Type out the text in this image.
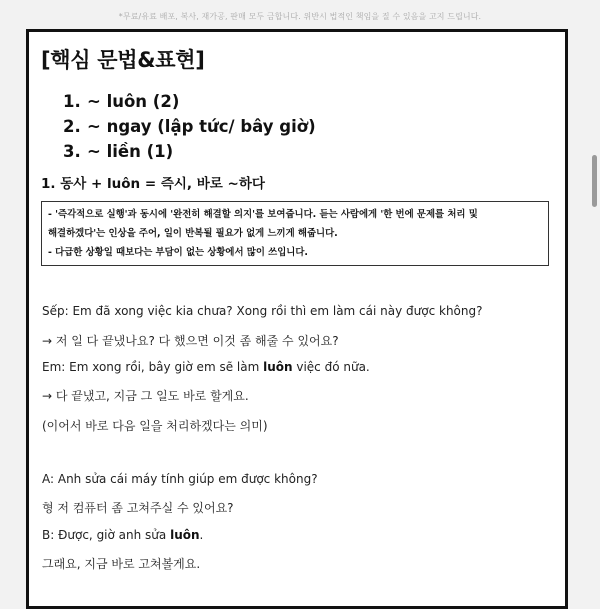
*무료/유료 배포, 복사, 재가공, 판매 모두 금합니다. 위반시 법적인 책임을 질 수 있음을 고지 드립니다.
[핵심 문법&표현]
1. ~ luôn (2)
2. ~ ngay (lập tức/ bây giờ)
3. ~ liền (1)
1. 동사 + luôn = 즉시, 바로 ~하다
- '즉각적으로 실행'과 동시에 '완전히 해결할 의지'를 보여줍니다. 듣는 사람에게 '한 번에 문제를 처리 및
해결하겠다'는 인상을 주어, 일이 반복될 필요가 없게 느끼게 해줍니다.
- 다급한 상황일 때보다는 부담이 없는 상황에서 많이 쓰입니다.
Sếp: Em đã xong việc kia chưa? Xong rồi thì em làm cái này được không?
→ 저 일 다 끝냈나요? 다 했으면 이것 좀 해줄 수 있어요?
Em: Em xong rồi, bây giờ em sẽ làm luôn việc đó nữa.
→ 다 끝냈고, 지금 그 일도 바로 할게요.
(이어서 바로 다음 일을 처리하겠다는 의미)
A: Anh sửa cái máy tính giúp em được không?
형 저 컴퓨터 좀 고쳐주실 수 있어요?
B: Được, giờ anh sửa luôn.
그래요, 지금 바로 고쳐볼게요.
